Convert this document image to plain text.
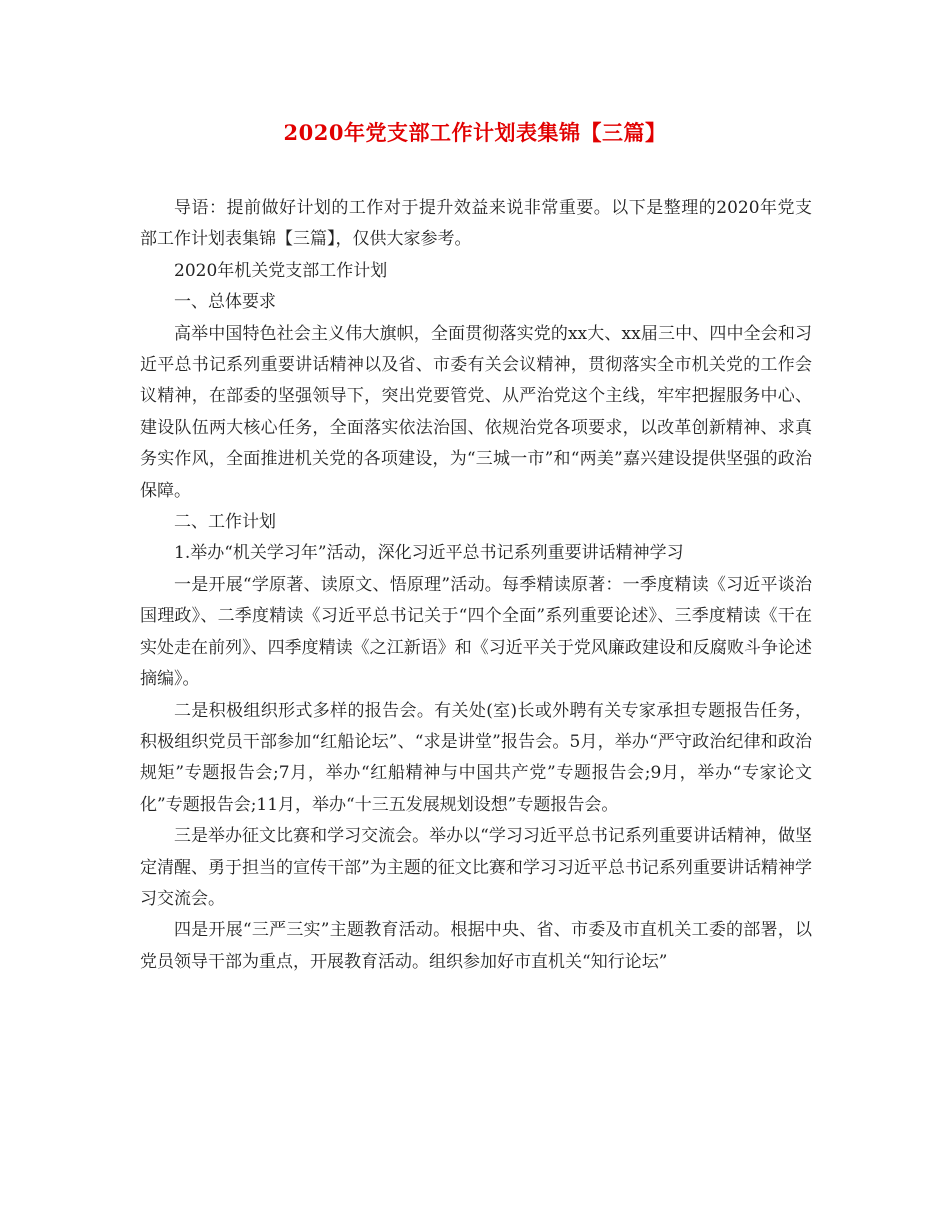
2020年党支部工作计划表集锦【三篇】

导语：提前做好计划的工作对于提升效益来说非常重要。以下是整理的2020年党支部工作计划表集锦【三篇】，仅供大家参考。

2020年机关党支部工作计划

一、总体要求

高举中国特色社会主义伟大旗帜，全面贯彻落实党的xx大、xx届三中、四中全会和习近平总书记系列重要讲话精神以及省、市委有关会议精神，贯彻落实全市机关党的工作会议精神，在部委的坚强领导下，突出党要管党、从严治党这个主线，牢牢把握服务中心、建设队伍两大核心任务，全面落实依法治国、依规治党各项要求，以改革创新精神、求真务实作风，全面推进机关党的各项建设，为“三城一市”和“两美”嘉兴建设提供坚强的政治保障。

二、工作计划

1.举办“机关学习年”活动，深化习近平总书记系列重要讲话精神学习

一是开展“学原著、读原文、悟原理”活动。每季精读原著：一季度精读《习近平谈治国理政》、二季度精读《习近平总书记关于“四个全面”系列重要论述》、三季度精读《干在实处走在前列》、四季度精读《之江新语》和《习近平关于党风廉政建设和反腐败斗争论述摘编》。

二是积极组织形式多样的报告会。有关处(室)长或外聘有关专家承担专题报告任务，积极组织党员干部参加“红船论坛”、“求是讲堂”报告会。5月，举办“严守政治纪律和政治规矩”专题报告会;7月，举办“红船精神与中国共产党”专题报告会;9月，举办“专家论文化”专题报告会;11月，举办“十三五发展规划设想”专题报告会。

三是举办征文比赛和学习交流会。举办以“学习习近平总书记系列重要讲话精神，做坚定清醒、勇于担当的宣传干部”为主题的征文比赛和学习习近平总书记系列重要讲话精神学习交流会。

四是开展“三严三实”主题教育活动。根据中央、省、市委及市直机关工委的部署，以党员领导干部为重点，开展教育活动。组织参加好市直机关“知行论坛”
